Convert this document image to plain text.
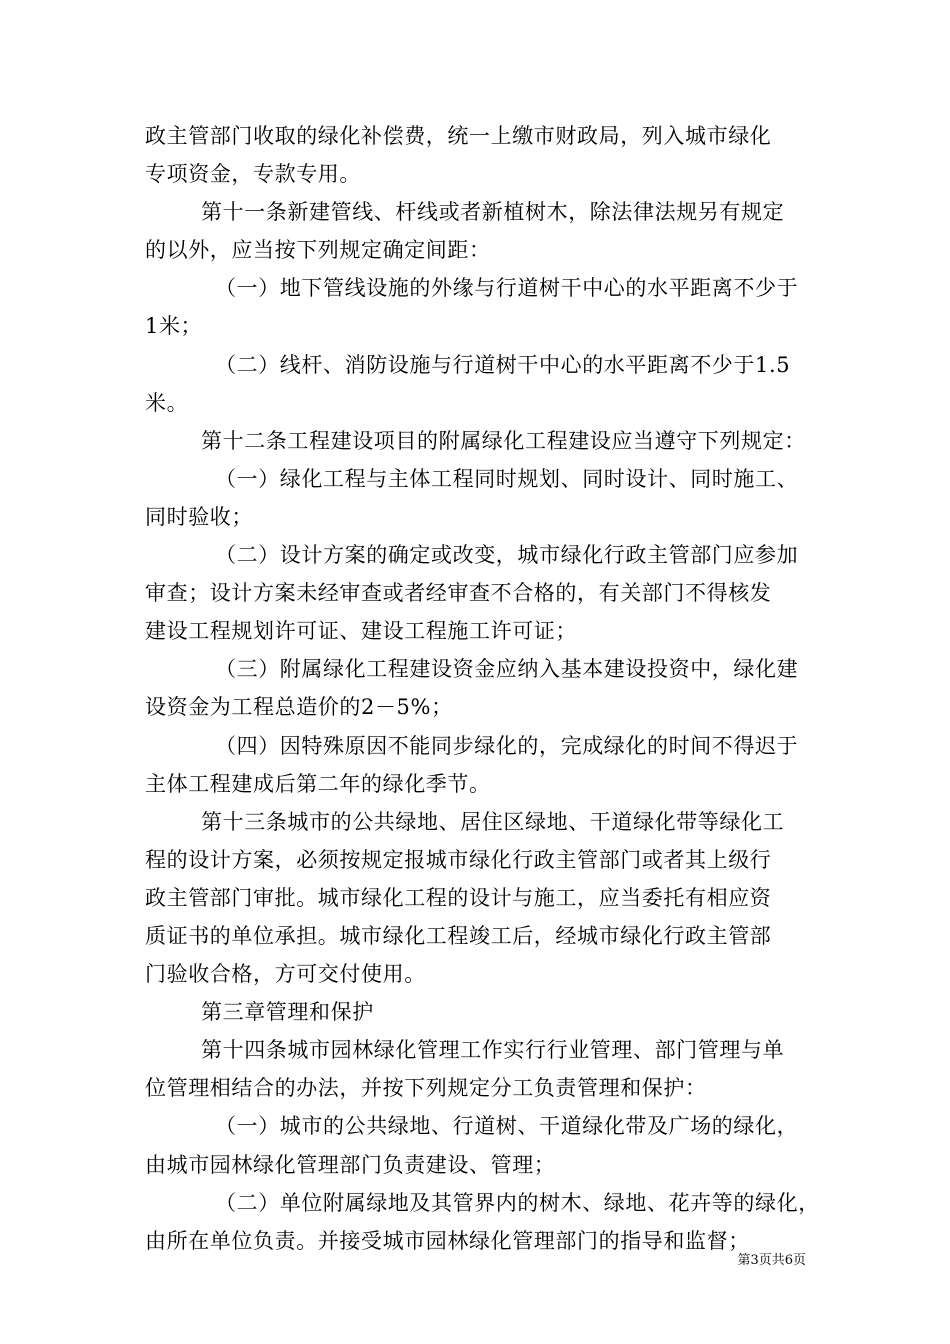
政主管部门收取的绿化补偿费，统一上缴市财政局，列入城市绿化
专项资金，专款专用。
第十一条新建管线、杆线或者新植树木，除法律法规另有规定
的以外，应当按下列规定确定间距：
（一）地下管线设施的外缘与行道树干中心的水平距离不少于
1米；
（二）线杆、消防设施与行道树干中心的水平距离不少于1.5
米。
第十二条工程建设项目的附属绿化工程建设应当遵守下列规定：
（一）绿化工程与主体工程同时规划、同时设计、同时施工、
同时验收；
（二）设计方案的确定或改变，城市绿化行政主管部门应参加
审查；设计方案未经审查或者经审查不合格的，有关部门不得核发
建设工程规划许可证、建设工程施工许可证；
（三）附属绿化工程建设资金应纳入基本建设投资中，绿化建
设资金为工程总造价的2－5%；
（四）因特殊原因不能同步绿化的，完成绿化的时间不得迟于
主体工程建成后第二年的绿化季节。
第十三条城市的公共绿地、居住区绿地、干道绿化带等绿化工
程的设计方案，必须按规定报城市绿化行政主管部门或者其上级行
政主管部门审批。城市绿化工程的设计与施工，应当委托有相应资
质证书的单位承担。城市绿化工程竣工后，经城市绿化行政主管部
门验收合格，方可交付使用。
第三章管理和保护
第十四条城市园林绿化管理工作实行行业管理、部门管理与单
位管理相结合的办法，并按下列规定分工负责管理和保护：
（一）城市的公共绿地、行道树、干道绿化带及广场的绿化，
由城市园林绿化管理部门负责建设、管理；
（二）单位附属绿地及其管界内的树木、绿地、花卉等的绿化，
由所在单位负责。并接受城市园林绿化管理部门的指导和监督；
第3页共6页
